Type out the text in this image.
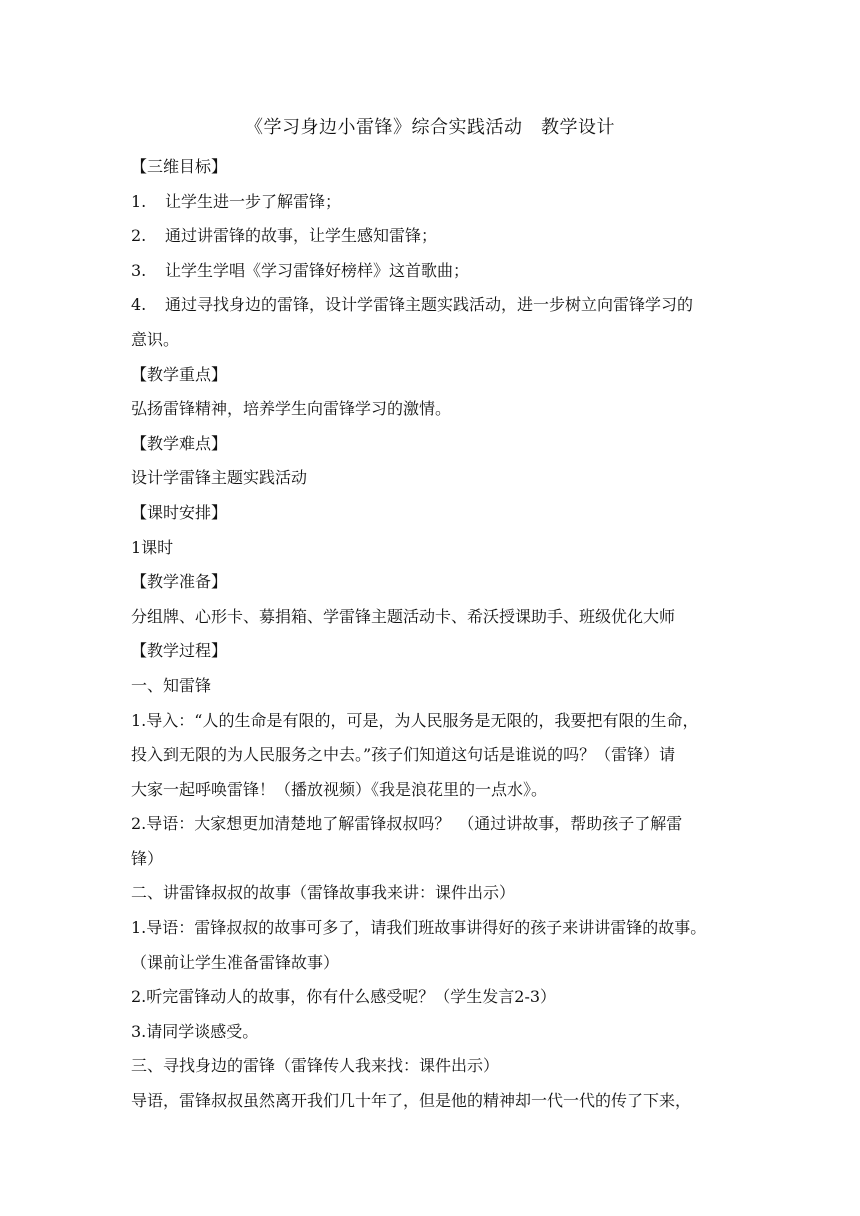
《学习身边小雷锋》综合实践活动　教学设计
【三维目标】
1. 让学生进一步了解雷锋；
2. 通过讲雷锋的故事，让学生感知雷锋；
3. 让学生学唱《学习雷锋好榜样》这首歌曲；
4. 通过寻找身边的雷锋，设计学雷锋主题实践活动，进一步树立向雷锋学习的
意识。
【教学重点】
弘扬雷锋精神，培养学生向雷锋学习的激情。
【教学难点】
设计学雷锋主题实践活动
【课时安排】
1课时
【教学准备】
分组牌、心形卡、募捐箱、学雷锋主题活动卡、希沃授课助手、班级优化大师
【教学过程】
一、知雷锋
1.导入：“人的生命是有限的，可是，为人民服务是无限的，我要把有限的生命，
投入到无限的为人民服务之中去。”孩子们知道这句话是谁说的吗？（雷锋）请
大家一起呼唤雷锋！（播放视频）《我是浪花里的一点水》。
2.导语：大家想更加清楚地了解雷锋叔叔吗？　（通过讲故事，帮助孩子了解雷
锋）
二、讲雷锋叔叔的故事（雷锋故事我来讲：课件出示）
1.导语：雷锋叔叔的故事可多了，请我们班故事讲得好的孩子来讲讲雷锋的故事。
（课前让学生准备雷锋故事）
2.听完雷锋动人的故事，你有什么感受呢？（学生发言2-3）
3.请同学谈感受。
三、寻找身边的雷锋（雷锋传人我来找：课件出示）
导语，雷锋叔叔虽然离开我们几十年了，但是他的精神却一代一代的传了下来，
